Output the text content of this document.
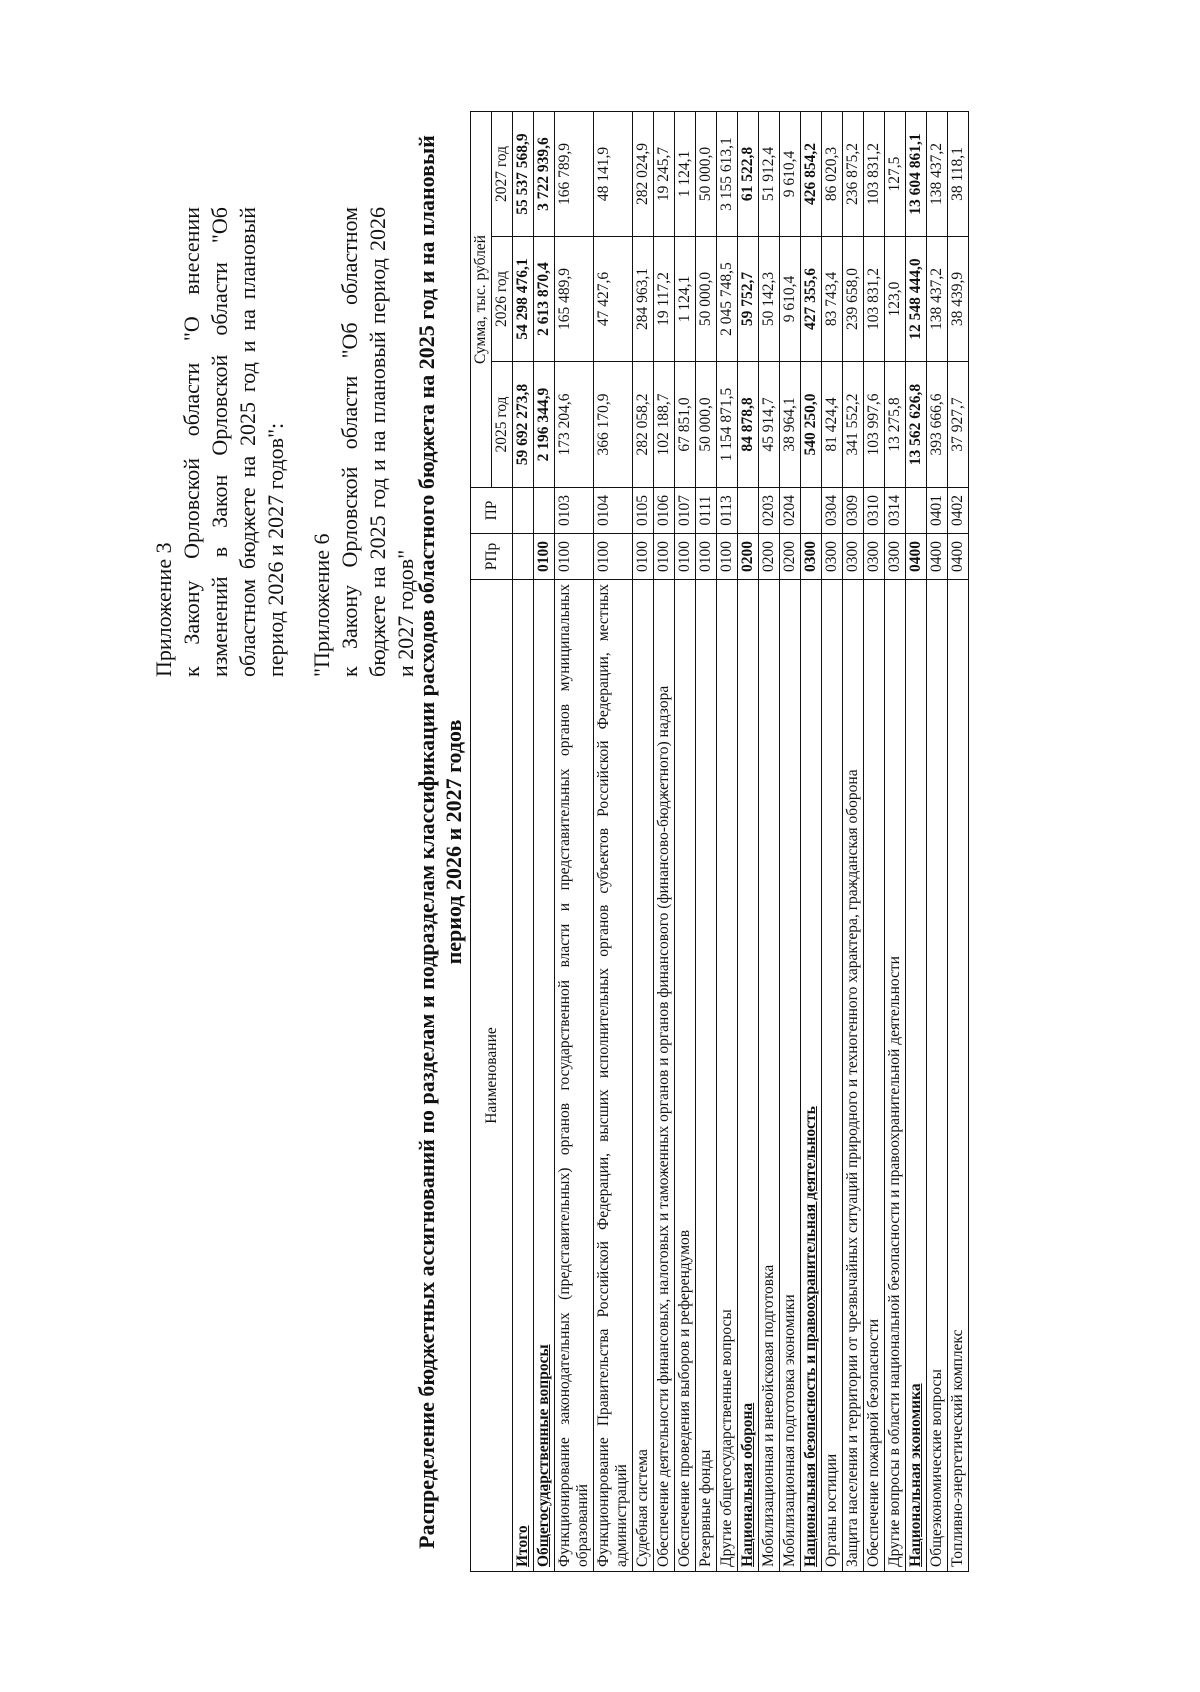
Приложение 3 к Закону Орловской области "О внесении изменений в Закон Орловской области "Об областном бюджете на 2025 год и на плановый период 2026 и 2027 годов": "Приложение 6 к Закону Орловской области "Об областном бюджете на 2025 год и на плановый период 2026 и 2027 годов"

Распределение бюджетных ассигнований по разделам и подразделам классификации расходов областного бюджета на 2025 год и на плановый период 2026 и 2027 годов
Наименование	РПр	ПР	Сумма, тыс. рублей		
			2025 год	2026 год	2027 год
Итого			59 692 273,8	54 298 476,1	55 537 568,9
Общегосударственные вопросы	0100		2 196 344,9	2 613 870,4	3 722 939,6
Функционирование законодательных (представительных) органов государственной власти и представительных органов муниципальных образований	0100	0103	173 204,6	165 489,9	166 789,9
Функционирование Правительства Российской Федерации, высших исполнительных органов субъектов Российской Федерации, местных администраций	0100	0104	366 170,9	47 427,6	48 141,9
Судебная система	0100	0105	282 058,2	284 963,1	282 024,9
Обеспечение деятельности финансовых, налоговых и таможенных органов и органов финансового (финансово-бюджетного) надзора	0100	0106	102 188,7	19 117,2	19 245,7
Обеспечение проведения выборов и референдумов	0100	0107	67 851,0	1 124,1	1 124,1
Резервные фонды	0100	0111	50 000,0	50 000,0	50 000,0
Другие общегосударственные вопросы	0100	0113	1 154 871,5	2 045 748,5	3 155 613,1
Национальная оборона	0200		84 878,8	59 752,7	61 522,8
Мобилизационная и вневойсковая подготовка	0200	0203	45 914,7	50 142,3	51 912,4
Мобилизационная подготовка экономики	0200	0204	38 964,1	9 610,4	9 610,4
Национальная безопасность и правоохранительная деятельность	0300		540 250,0	427 355,6	426 854,2
Органы юстиции	0300	0304	81 424,4	83 743,4	86 020,3
Защита населения и территории от чрезвычайных ситуаций природного и техногенного характера, гражданская оборона	0300	0309	341 552,2	239 658,0	236 875,2
Обеспечение пожарной безопасности	0300	0310	103 997,6	103 831,2	103 831,2
Другие вопросы в области национальной безопасности и правоохранительной деятельности	0300	0314	13 275,8	123,0	127,5
Национальная экономика	0400		13 562 626,8	12 548 444,0	13 604 861,1
Общеэкономические вопросы	0400	0401	393 666,6	138 437,2	138 437,2
Топливно-энергетический комплекс	0400	0402	37 927,7	38 439,9	38 118,1
